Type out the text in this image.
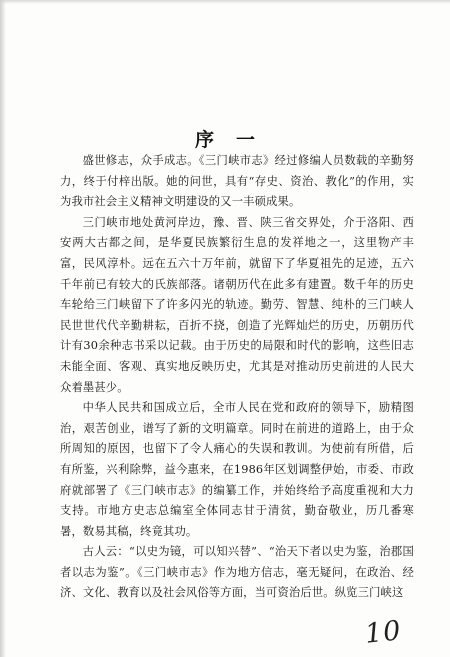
序一

盛世修志，众手成志。《三门峡市志》经过修编人员数载的辛勤努力，终于付梓出版。她的问世，具有“存史、资治、教化”的作用，实为我市社会主义精神文明建设的又一丰硕成果。

三门峡市地处黄河岸边，豫、晋、陕三省交界处，介于洛阳、西安两大古都之间，是华夏民族繁衍生息的发祥地之一，这里物产丰富，民风淳朴。远在五六十万年前，就留下了华夏祖先的足迹，五六千年前已有较大的氏族部落。诸朝历代在此多有建置。数千年的历史车轮给三门峡留下了许多闪光的轨迹。勤劳、智慧、纯朴的三门峡人民世世代代辛勤耕耘，百折不挠，创造了光辉灿烂的历史，历朝历代计有30余种志书采以记载。由于历史的局限和时代的影响，这些旧志未能全面、客观、真实地反映历史，尤其是对推动历史前进的人民大众着墨甚少。

中华人民共和国成立后，全市人民在党和政府的领导下，励精图治，艰苦创业，谱写了新的文明篇章。同时在前进的道路上，由于众所周知的原因，也留下了令人痛心的失误和教训。为使前有所借，后有所鉴，兴利除弊，益今惠来，在1986年区划调整伊始，市委、市政府就部署了《三门峡市志》的编纂工作，并始终给予高度重视和大力支持。市地方史志总编室全体同志甘于清贫，勤奋敬业，历几番寒暑，数易其稿，终竟其功。

古人云：“以史为镜，可以知兴替”、“治天下者以史为鉴，治郡国者以志为鉴”。《三门峡市志》作为地方信志，毫无疑问，在政治、经济、文化、教育以及社会风俗等方面，当可资治后世。纵览三门峡这

10
